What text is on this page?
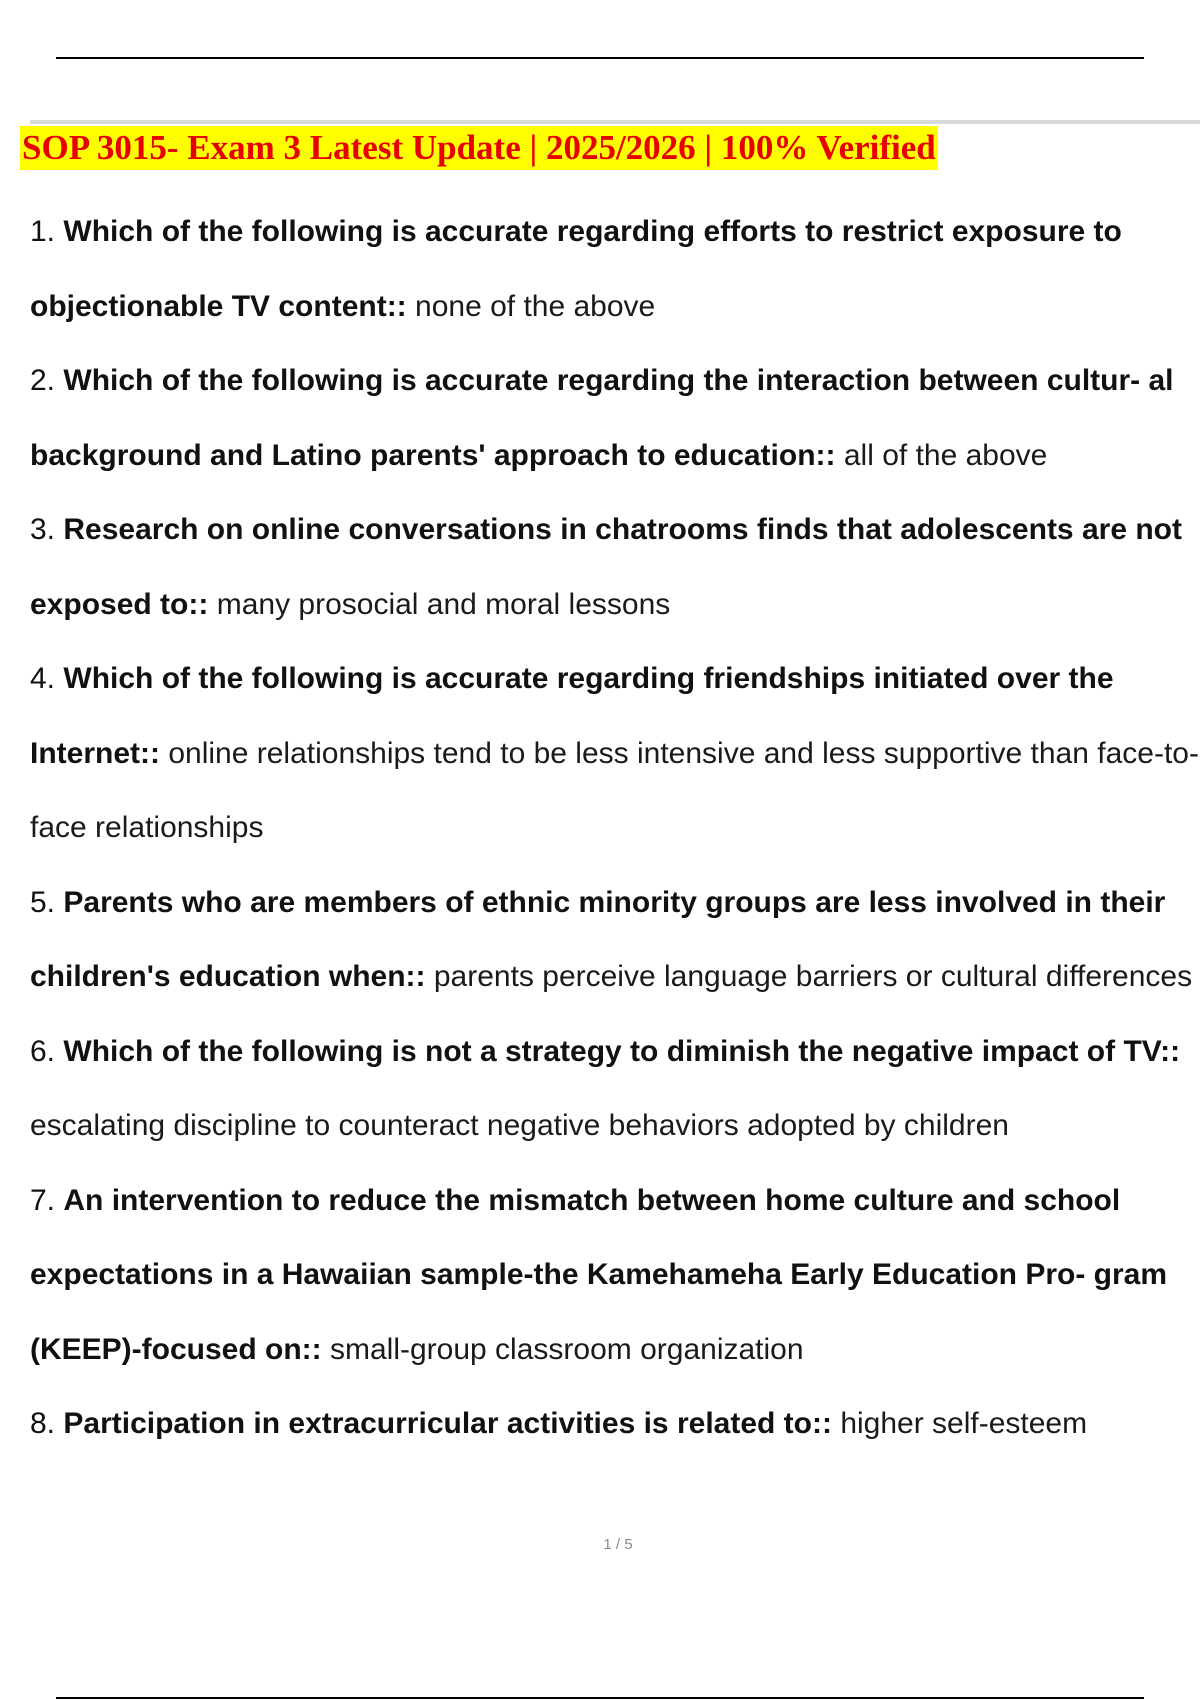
SOP 3015- Exam 3 Latest Update | 2025/2026 | 100% Verified
1. Which of the following is accurate regarding efforts to restrict exposure to objectionable TV content:: none of the above
2. Which of the following is accurate regarding the interaction between cultur- al background and Latino parents' approach to education:: all of the above
3. Research on online conversations in chatrooms finds that adolescents are not exposed to:: many prosocial and moral lessons
4. Which of the following is accurate regarding friendships initiated over the Internet:: online relationships tend to be less intensive and less supportive than face-to-face relationships
5. Parents who are members of ethnic minority groups are less involved in their children's education when:: parents perceive language barriers or cultural differences
6. Which of the following is not a strategy to diminish the negative impact of TV:: escalating discipline to counteract negative behaviors adopted by children
7. An intervention to reduce the mismatch between home culture and school expectations in a Hawaiian sample-the Kamehameha Early Education Pro- gram (KEEP)-focused on:: small-group classroom organization
8. Participation in extracurricular activities is related to:: higher self-esteem
1 / 5
